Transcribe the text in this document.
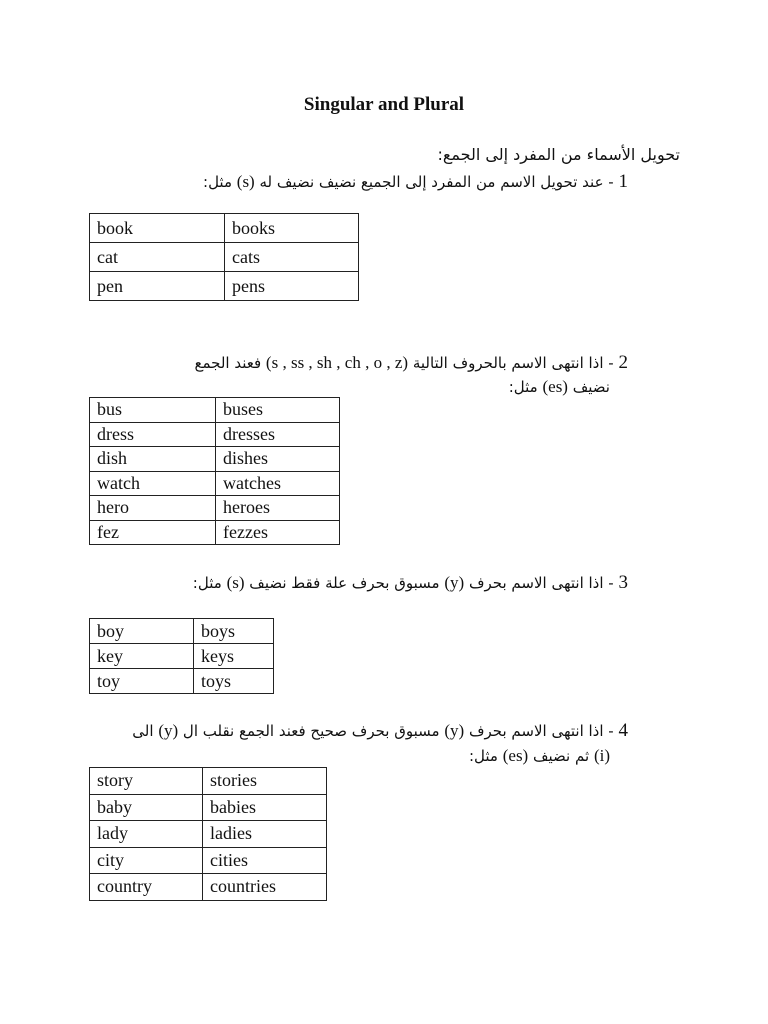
Singular and Plural
تحويل الأسماء من المفرد إلى الجمع:
1 - عند تحويل الاسم من المفرد إلى الجميع نضيف نضيف له (s) مثل:
book	books
cat	cats
pen	pens
2 - اذا انتهى الاسم بالحروف التالية (s , ss , sh , ch , o , z) فعند الجمع
نضيف (es) مثل:
bus	buses
dress	dresses
dish	dishes
watch	watches
hero	heroes
fez	fezzes
3 - اذا انتهى الاسم بحرف (y) مسبوق بحرف علة فقط نضيف (s) مثل:
boy	boys
key	keys
toy	toys
4 - اذا انتهى الاسم بحرف (y) مسبوق بحرف صحيح فعند الجمع نقلب ال (y) الى
(i) ثم نضيف (es) مثل:
story	stories
baby	babies
lady	ladies
city	cities
country	countries
